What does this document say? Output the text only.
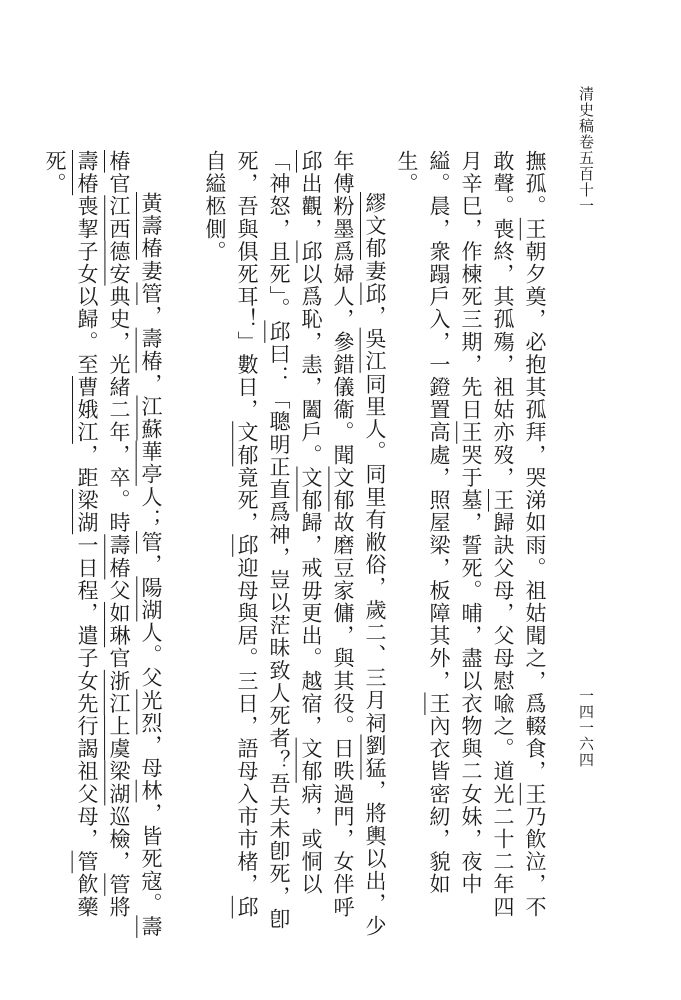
清史稿卷五百十一
一四一六四

撫孤。王朝夕奠，必抱其孤拜，哭涕如雨。祖姑聞之，爲輟食，王乃飮泣，不敢聲。喪終，其孤殤，祖姑亦歿，王歸訣父母，父母慰喩之。道光二十二年四月辛巳，作楝死三期，先日王哭于墓，誓死。晡，盡以衣物與二女妹，夜中縊。晨，衆蹋戶入，一鐙置高處，照屋梁，板障其外，王內衣皆密紉，貌如生。

繆文郁妻邱，吳江同里人。同里有敝俗，歲二、三月祠劉猛，將輿以出，少年傅粉墨爲婦人，參錯儀衞。聞文郁故磨豆家傭，與其役。日昳過門，女伴呼邱出觀，邱以爲恥，恚，闔戶。文郁歸，戒毋更出。越宿，文郁病，或恫以「神怒，且死」。邱曰：「聰明正直爲神，豈以茫昧致人死者？吾夫未卽死，卽死，吾與俱死耳！」數日，文郁竟死，邱迎母與居。三日，語母入市市楮，邱自縊柩側。

黃壽椿妻管，壽椿，江蘇華亭人；管，陽湖人。父光烈，母林，皆死寇。壽椿官江西德安典史，光緒二年，卒。時壽椿父如琳官浙江上虞梁湖巡檢，管將壽椿喪挈子女以歸。至曹娥江，距梁湖一日程，遣子女先行謁祖父母，管飮藥死。
